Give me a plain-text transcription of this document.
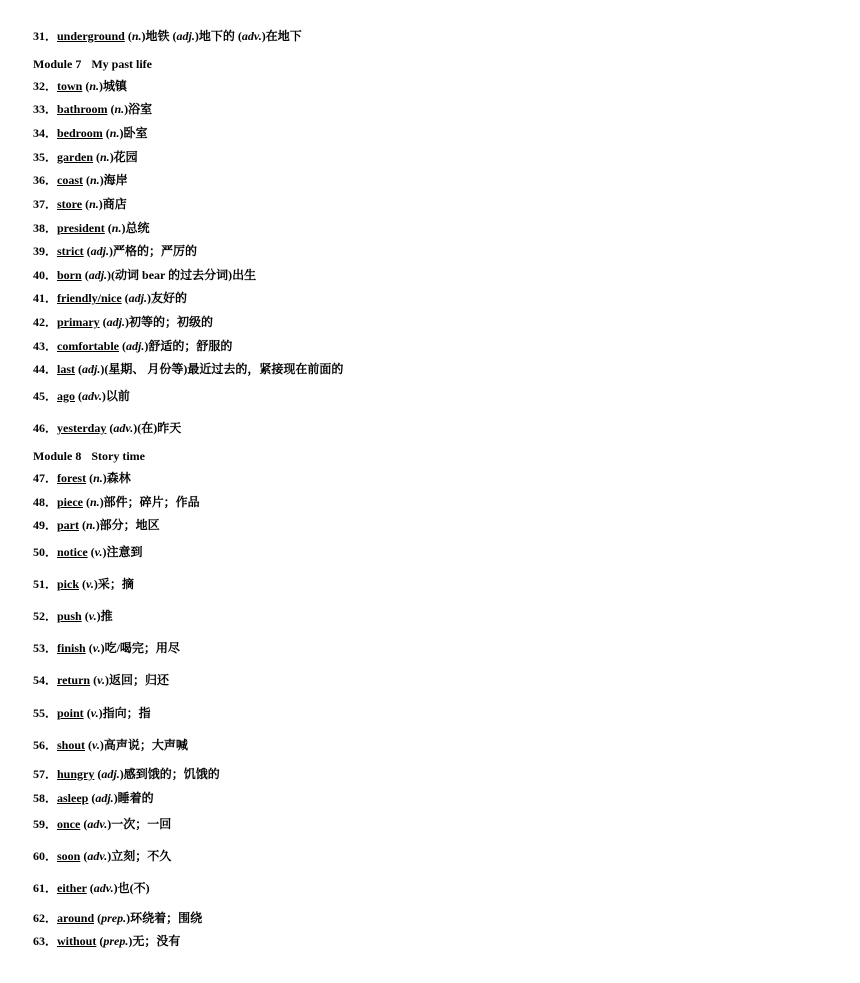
31．underground (n.)地铁 (adj.)地下的 (adv.)在地下
32．town (n.)城镇
33．bathroom (n.)浴室
34．bedroom (n.)卧室
35．garden (n.)花园
36．coast (n.)海岸
37．store (n.)商店
38．president (n.)总统
39．strict (adj.)严格的；严厉的
40．born (adj.)(动词 bear 的过去分词)出生
41．friendly/nice (adj.)友好的
42．primary (adj.)初等的；初级的
43．comfortable (adj.)舒适的；舒服的
44．last (adj.)(星期、 月份等)最近过去的，紧接现在前面的
45．ago (adv.)以前
46．yesterday (adv.)(在)昨天
47．forest (n.)森林
48．piece (n.)部件；碎片；作品
49．part (n.)部分；地区
50．notice (v.)注意到
51．pick (v.)采；摘
52．push (v.)推
53．finish (v.)吃/喝完；用尽
54．return (v.)返回；归还
55．point (v.)指向；指
56．shout (v.)高声说；大声喊
57．hungry (adj.)感到饿的；饥饿的
58．asleep (adj.)睡着的
59．once (adv.)一次；一回
60．soon (adv.)立刻；不久
61．either (adv.)也(不)
62．around (prep.)环绕着；围绕
63．without (prep.)无；没有
Module 7 My past life
Module 8 Story time
